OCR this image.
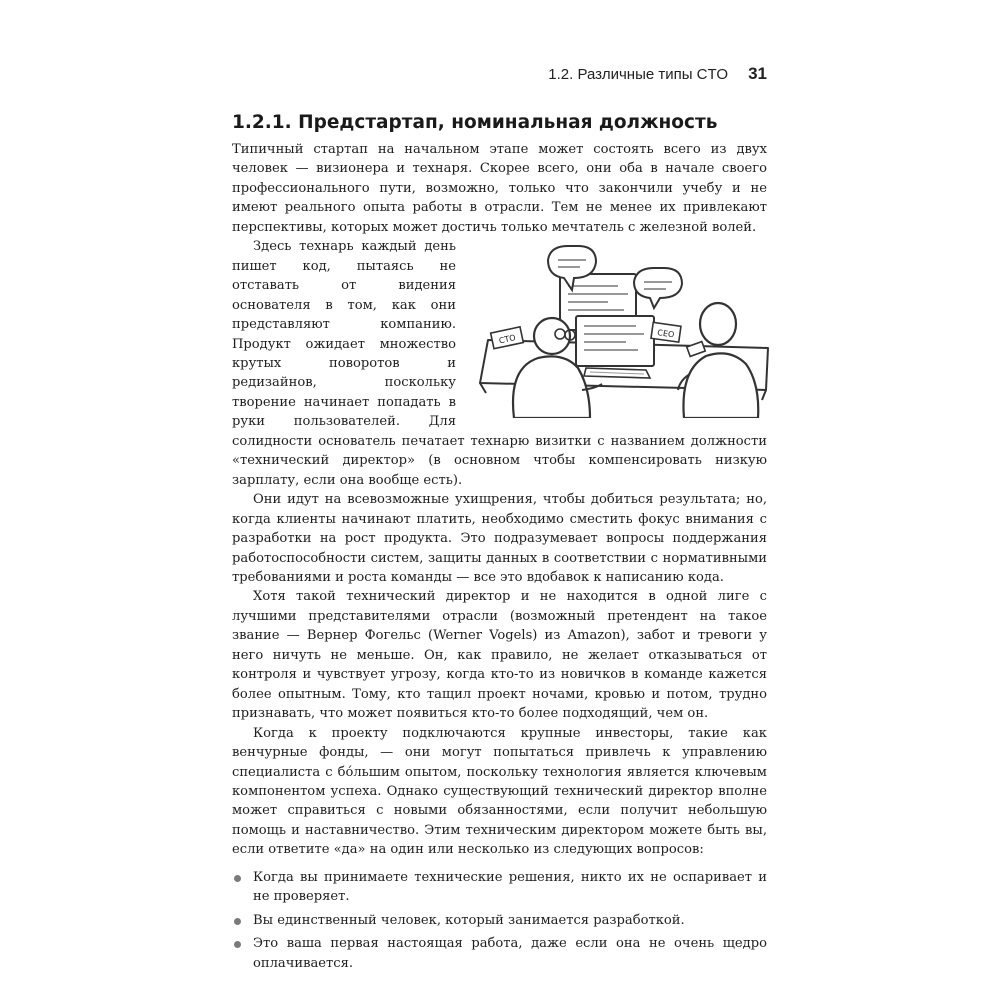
1.2. Различные типы CTO 31
1.2.1. Предстартап, номинальная должность

Типичный стартап на начальном этапе может состоять всего из двух человек — визионера и технаря. Скорее всего, они оба в начале своего профессионального пути, возможно, только что закончили учебу и не имеют реального опыта работы в отрасли. Тем не менее их привлекают перспективы, которых может достичь только мечтатель с железной волей.

CTO	CEO

Здесь технарь каждый день пишет код, пытаясь не отставать от видения основателя в том, как они представляют компанию. Продукт ожидает множество крутых поворотов и редизайнов, поскольку творение начинает попадать в руки пользователей. Для солидности основатель печатает технарю визитки с названием должности «технический директор» (в основном чтобы компенсировать низкую зарплату, если она вообще есть).

Они идут на всевозможные ухищрения, чтобы добиться результата; но, когда клиенты начинают платить, необходимо сместить фокус внимания с разработки на рост продукта. Это подразумевает вопросы поддержания работоспособности систем, защиты данных в соответствии с нормативными требованиями и роста команды — все это вдобавок к написанию кода.

Хотя такой технический директор и не находится в одной лиге с лучшими представителями отрасли (возможный претендент на такое звание — Вернер Фогельс (Werner Vogels) из Amazon), забот и тревоги у него ничуть не меньше. Он, как правило, не желает отказываться от контроля и чувствует угрозу, когда кто-то из новичков в команде кажется более опытным. Тому, кто тащил проект ночами, кровью и потом, трудно признавать, что может появиться кто-то более подходящий, чем он.

Когда к проекту подключаются крупные инвесторы, такие как венчурные фонды, — они могут попытаться привлечь к управлению специалиста с бо́льшим опытом, поскольку технология является ключевым компонентом успеха. Однако существующий технический директор вполне может справиться с новыми обязанностями, если получит небольшую помощь и наставничество. Этим техническим директором можете быть вы, если ответите «да» на один или несколько из следующих вопросов:

Когда вы принимаете технические решения, никто их не оспаривает и не проверяет.
Вы единственный человек, который занимается разработкой.
Это ваша первая настоящая работа, даже если она не очень щедро оплачивается.
